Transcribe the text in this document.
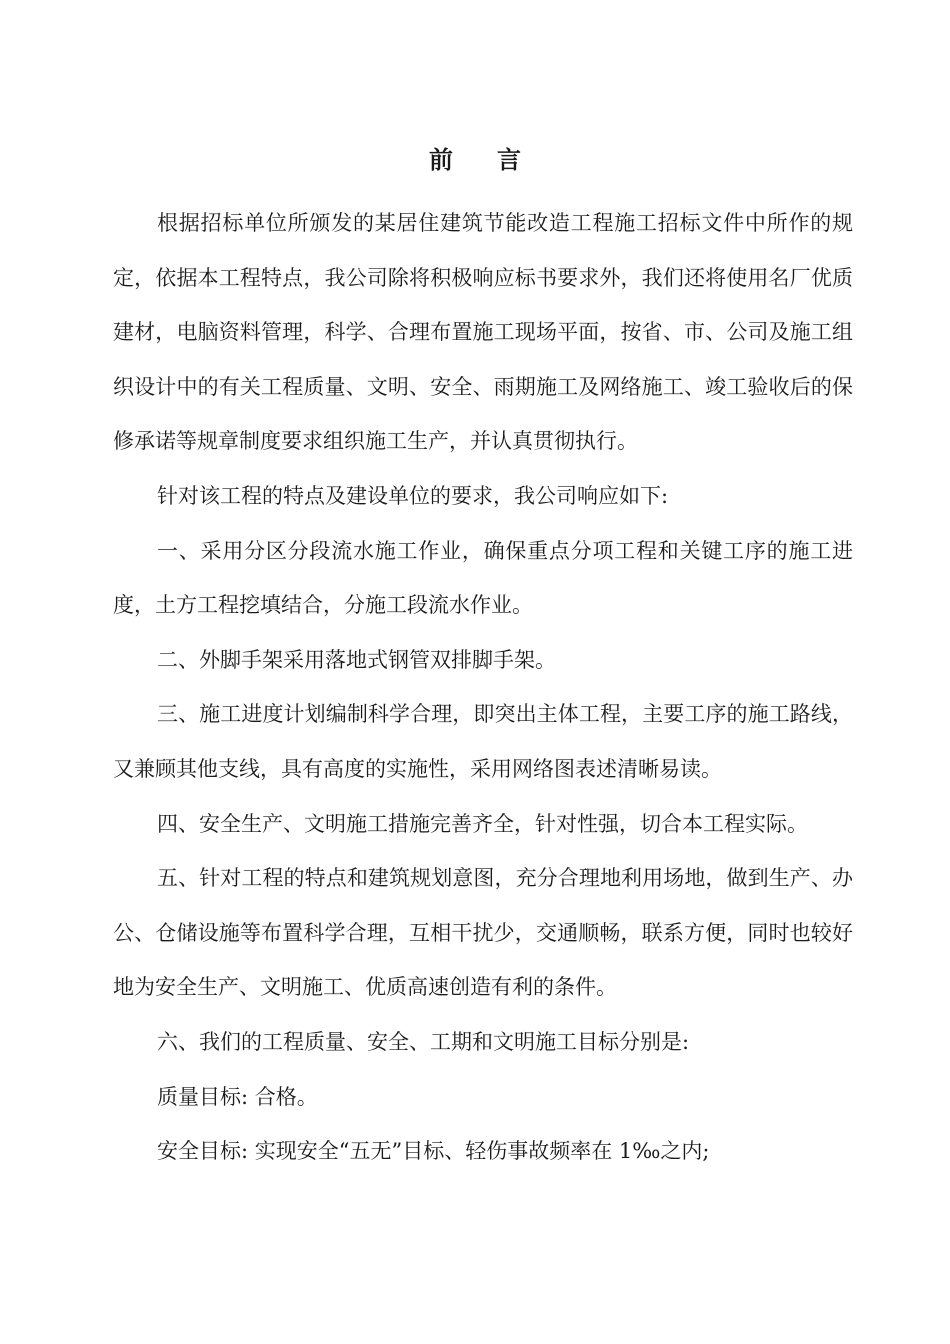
前言

根据招标单位所颁发的某居住建筑节能改造工程施工招标文件中所作的规定，依据本工程特点，我公司除将积极响应标书要求外，我们还将使用名厂优质建材，电脑资料管理，科学、合理布置施工现场平面，按省、市、公司及施工组织设计中的有关工程质量、文明、安全、雨期施工及网络施工、竣工验收后的保修承诺等规章制度要求组织施工生产，并认真贯彻执行。

针对该工程的特点及建设单位的要求，我公司响应如下:

一、采用分区分段流水施工作业，确保重点分项工程和关键工序的施工进度，土方工程挖填结合，分施工段流水作业。

二、外脚手架采用落地式钢管双排脚手架。

三、施工进度计划编制科学合理，即突出主体工程，主要工序的施工路线，又兼顾其他支线，具有高度的实施性，采用网络图表述清晰易读。

四、安全生产、文明施工措施完善齐全，针对性强，切合本工程实际。

五、针对工程的特点和建筑规划意图，充分合理地利用场地，做到生产、办公、仓储设施等布置科学合理，互相干扰少，交通顺畅，联系方便，同时也较好地为安全生产、文明施工、优质高速创造有利的条件。

六、我们的工程质量、安全、工期和文明施工目标分别是:

质量目标: 合格。

安全目标: 实现安全“五无”目标、轻伤事故频率在 1‰之内;
